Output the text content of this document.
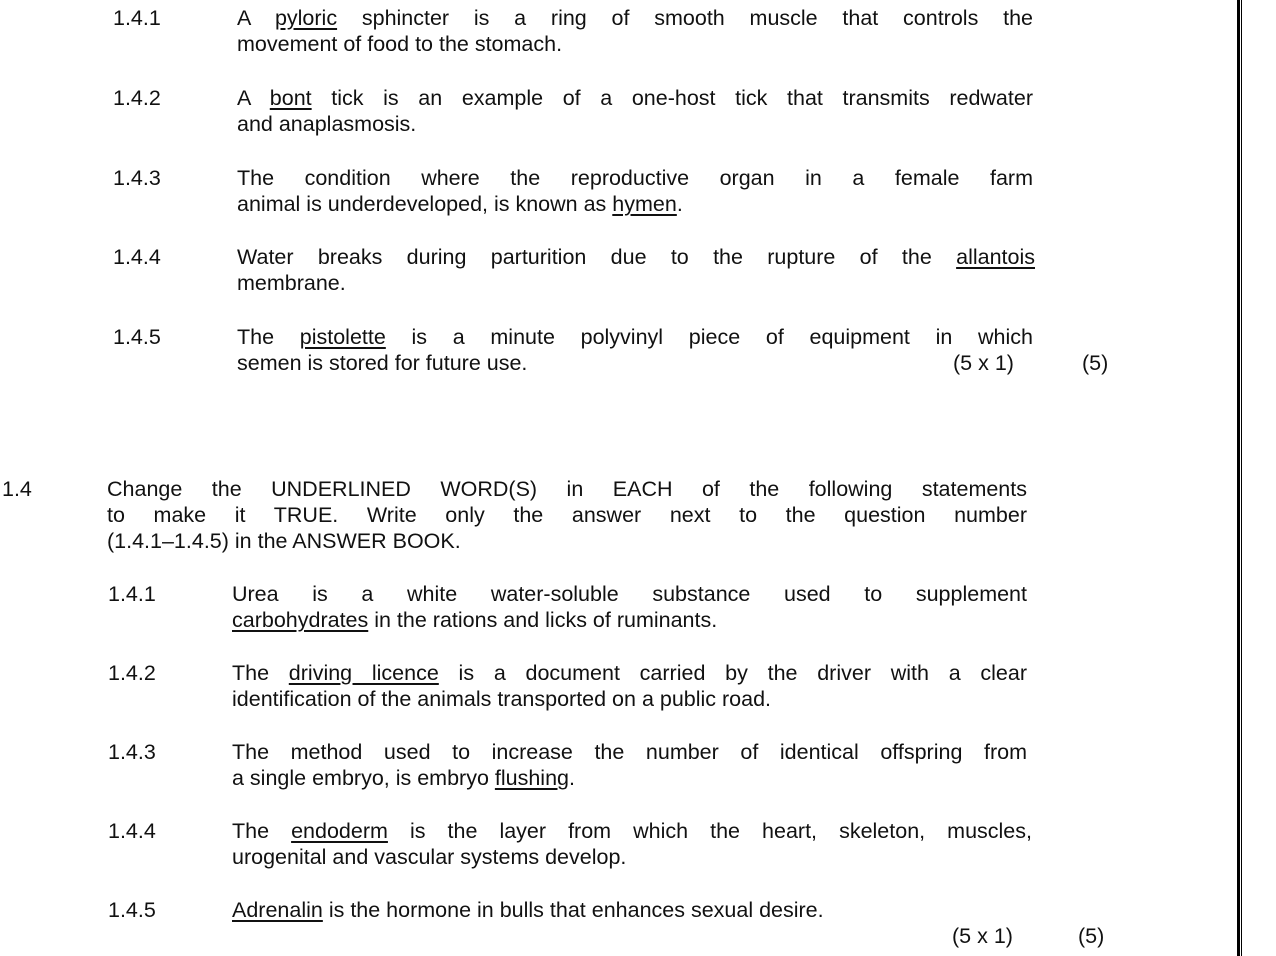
1.4.1	A pyloric sphincter is a ring of smooth muscle that controls the
movement of food to the stomach.
1.4.2	A bont tick is an example of a one-host tick that transmits redwater
and anaplasmosis.
1.4.3	The condition where the reproductive organ in a female farm
animal is underdeveloped, is known as hymen.
1.4.4	Water breaks during parturition due to the rupture of the allantois
membrane.
1.4.5	The pistolette is a minute polyvinyl piece of equipment in which
semen is stored for future use.	(5 x 1)	(5)
1.4	Change the UNDERLINED WORD(S) in EACH of the following statements
to make it TRUE. Write only the answer next to the question number
(1.4.1–1.4.5) in the ANSWER BOOK.
1.4.1	Urea is a white water-soluble substance used to supplement
carbohydrates in the rations and licks of ruminants.
1.4.2	The driving licence is a document carried by the driver with a clear
identification of the animals transported on a public road.
1.4.3	The method used to increase the number of identical offspring from
a single embryo, is embryo flushing.
1.4.4	The endoderm is the layer from which the heart, skeleton, muscles,
urogenital and vascular systems develop.
1.4.5	Adrenalin is the hormone in bulls that enhances sexual desire.
(5 x 1)	(5)
